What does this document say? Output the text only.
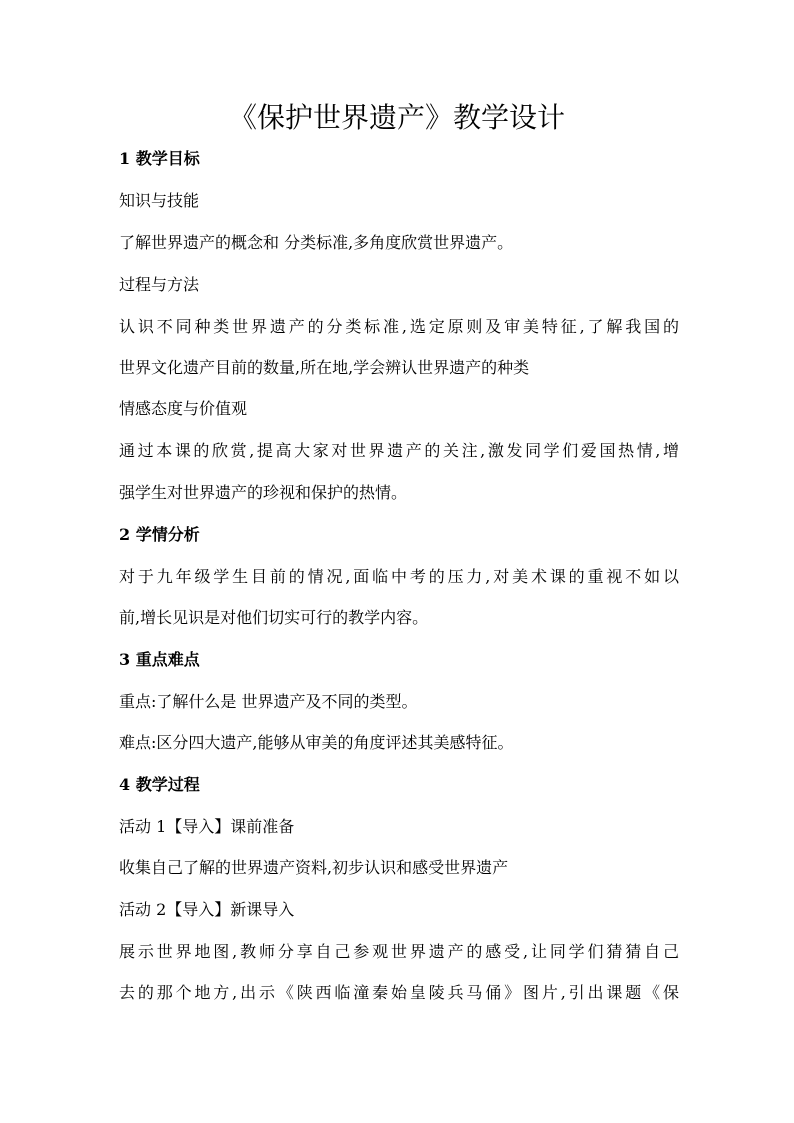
《保护世界遗产》教学设计
1 教学目标
知识与技能
了解世界遗产的概念和 分类标准,多角度欣赏世界遗产。
过程与方法
认识不同种类世界遗产的分类标准,选定原则及审美特征,了解我国的
世界文化遗产目前的数量,所在地,学会辨认世界遗产的种类
情感态度与价值观
通过本课的欣赏,提高大家对世界遗产的关注,激发同学们爱国热情,增
强学生对世界遗产的珍视和保护的热情。
2 学情分析
对于九年级学生目前的情况,面临中考的压力,对美术课的重视不如以
前,增长见识是对他们切实可行的教学内容。
3 重点难点
重点:了解什么是 世界遗产及不同的类型。
难点:区分四大遗产,能够从审美的角度评述其美感特征。
4 教学过程
活动 1【导入】课前准备
收集自己了解的世界遗产资料,初步认识和感受世界遗产
活动 2【导入】新课导入
展示世界地图,教师分享自己参观世界遗产的感受,让同学们猜猜自己
去的那个地方,出示《陕西临潼秦始皇陵兵马俑》图片,引出课题《保
